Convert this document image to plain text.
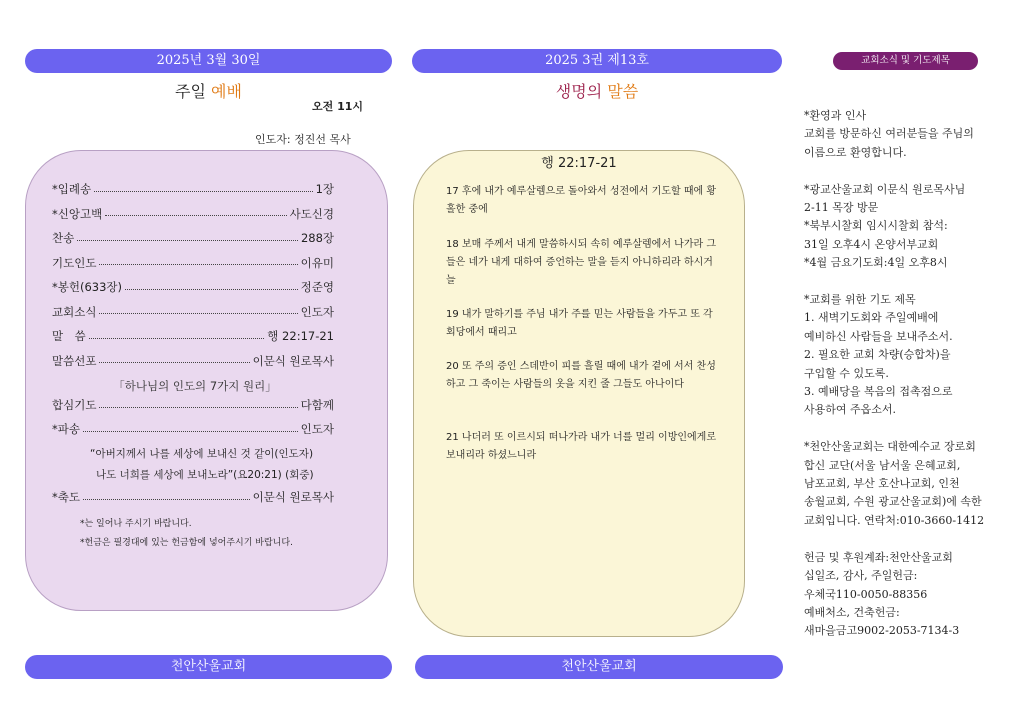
2025년 3월 30일
주일 예배
오전 11시
인도자: 정진선 목사
*입례송	1장
*신앙고백	사도신경
찬송	288장
기도인도	이유미
*봉헌(633장)	정준영
교회소식	인도자
말　씀	행 22:17-21
말씀선포	이문식 원로목사
「하나님의 인도의 7가지 원리」
합심기도	다함께
*파송	인도자
“아버지께서 나를 세상에 보내신 것 같이(인도자)
나도 너희를 세상에 보내노라”(요20:21) (회중)
*축도	이문식 원로목사
*는 일어나 주시기 바랍니다.
*헌금은 필경대에 있는 헌금함에 넣어주시기 바랍니다.
천안산울교회
2025 3권 제13호
생명의 말씀
행 22:17-21
17 후에 내가 예루살렘으로 돌아와서 성전에서 기도할 때에 황홀한 중에
18 보매 주께서 내게 말씀하시되 속히 예루살렘에서 나가라 그들은 네가 내게 대하여 증언하는 말을 듣지 아니하리라 하시거늘
19 내가 말하기를 주님 내가 주를 믿는 사람들을 가두고 또 각 회당에서 때리고
20 또 주의 증인 스데반이 피를 흘릴 때에 내가 곁에 서서 찬성하고 그 죽이는 사람들의 옷을 지킨 줄 그들도 아나이다
21 나더러 또 이르시되 떠나가라 내가 너를 멀리 이방인에게로 보내리라 하셨느니라
천안산울교회
교회소식 및 기도제목

*환영과 인사

교회를 방문하신 여러분들을 주님의

이름으로 환영합니다.

*광교산울교회 이문식 원로목사님

2-11 목장 방문

*북부시찰회 임시시찰회 참석:

31일 오후4시 온양서부교회

*4월 금요기도회:4일 오후8시

*교회를 위한 기도 제목

1. 새벽기도회와 주일예배에

예비하신 사람들을 보내주소서.

2. 필요한 교회 차량(승합차)을

구입할 수 있도록.

3. 예배당을 복음의 접촉점으로

사용하여 주옵소서.

*천안산울교회는 대한예수교 장로회

합신 교단(서울 남서울 은혜교회,

남포교회, 부산 호산나교회, 인천

송월교회, 수원 광교산울교회)에 속한

교회입니다. 연락처:010-3660-1412

헌금 및 후원계좌:천안산울교회

십일조, 감사, 주일헌금:

우체국110-0050-88356

예배처소, 건축헌금:

새마을금고9002-2053-7134-3
